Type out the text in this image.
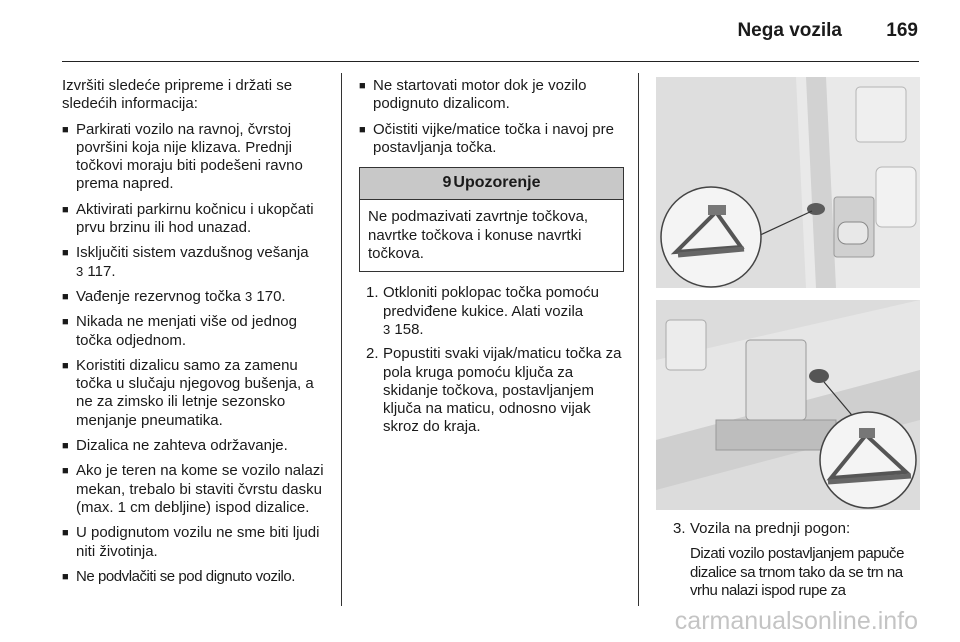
Nega vozila 169

Izvršiti sledeće pripreme i držati se sledećih informacija:

■ Parkirati vozilo na ravnoj, čvrstoj površini koja nije klizava. Prednji točkovi moraju biti podešeni ravno prema napred.
■ Aktivirati parkirnu kočnicu i ukopčati prvu brzinu ili hod unazad.
■ Isključiti sistem vazdušnog vešanja
3 117.
■ Vađenje rezervnog točka 3 170.
■ Nikada ne menjati više od jednog točka odjednom.
■ Koristiti dizalicu samo za zamenu točka u slučaju njegovog bušenja, a ne za zimsko ili letnje sezonsko menjanje pneumatika.
■ Dizalica ne zahteva održavanje.
■ Ako je teren na kome se vozilo nalazi mekan, trebalo bi staviti čvrstu dasku (max. 1 cm debljine) ispod dizalice.
■ U podignutom vozilu ne sme biti ljudi niti životinja.
■ Ne podvlačiti se pod dignuto vozilo.
■ Ne startovati motor dok je vozilo podignuto dizalicom.
■ Očistiti vijke/matice točka i navoj pre postavljanja točka.
9 Upozorenje
Ne podmazivati zavrtnje točkova, navrtke točkova i konuse navrtki točkova.
1. Otkloniti poklopac točka pomoću predviđene kukice. Alati vozila
3 158.
2. Popustiti svaki vijak/maticu točka za pola kruga pomoću ključa za skidanje točkova, postavljanjem ključa na maticu, odnosno vijak skroz do kraja.
3. Vozila na prednji pogon:
Dizati vozilo postavljanjem papuče dizalice sa trnom tako da se trn na vrhu nalazi ispod rupe za
carmanualsonline.info
